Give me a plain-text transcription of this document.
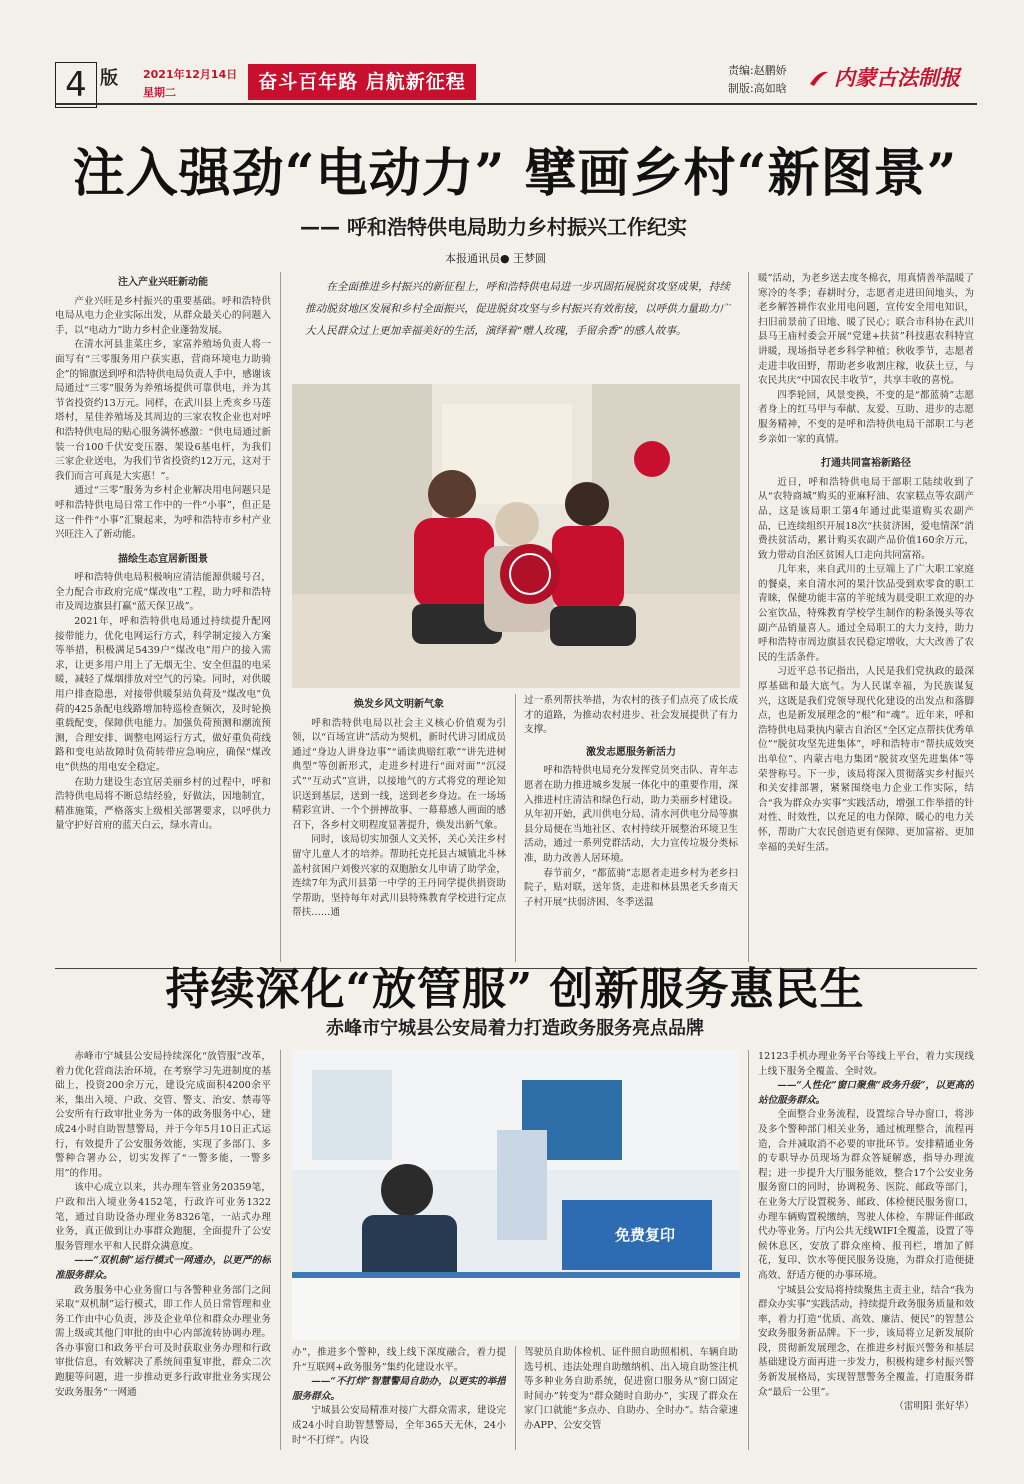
4 版	2021年12月14日
星期二	奋斗百年路 启航新征程
责编:赵鹏娇
制版:高如晗	内蒙古法制报
注入强劲“电动力” 擘画乡村“新图景”
—— 呼和浩特供电局助力乡村振兴工作纪实
本报通讯员● 王梦圆
注入产业兴旺新动能

产业兴旺是乡村振兴的重要基础。呼和浩特供电局从电力企业实际出发，从群众最关心的问题入手，以“电动力”助力乡村企业蓬勃发展。

在清水河县韭菜庄乡，家富养殖场负责人将一面写有“三零服务用户获实惠，营商环境电力助骑企”的锦旗送到呼和浩特供电局负责人手中，感谢该局通过“三零”服务为养殖场提供可靠供电，并为其节省投资约13万元。同样，在武川县上秃亥乡马莲塔村，星佳养殖场及其周边的三家农牧企业也对呼和浩特供电局的贴心服务满怀感激：“供电局通过新装一台100千伏安变压器、架设6基电杆，为我们三家企业送电，为我们节省投资约12万元，这对于我们而言可真是大实惠！”。

通过“三零”服务为乡村企业解决用电问题只是呼和浩特供电局日常工作中的一件“小事”，但正是这一件件“小事”汇聚起来，为呼和浩特市乡村产业兴旺注入了新动能。

描绘生态宜居新图景

呼和浩特供电局积极响应清洁能源供暖号召，全力配合市政府完成“煤改电”工程，助力呼和浩特市及周边旗县打赢“蓝天保卫战”。

2021年，呼和浩特供电局通过持续提升配网接带能力，优化电网运行方式，科学制定接入方案等举措，积极满足5439户“煤改电”用户的接入需求，让更多用户用上了无烟无尘、安全但温的电采暖，减轻了煤烟排放对空气的污染。同时，对供暖用户排查隐患，对接带供暖泵站负荷及“煤改电”负荷的425条配电线路增加特巡检查频次，及时轮换重载配变，保障供电能力。加强负荷预测和潮流预测，合理安排、调整电网运行方式，做好重负荷线路和变电站故障时负荷转带应急响应，确保“煤改电”供热的用电安全稳定。

在助力建设生态宜居美丽乡村的过程中，呼和浩特供电局将不断总结经验，好做法，因地制宜，精准施策，严格落实上级相关部署要求，以呼供力量守护好首府的蓝天白云，绿水青山。

在全面推进乡村振兴的新征程上，呼和浩特供电局进一步巩固拓展脱贫攻坚成果，持续推动脱贫地区发展和乡村全面振兴，促进脱贫攻坚与乡村振兴有效衔接，以呼供力量助力广大人民群众过上更加幸福美好的生活，演绎着“赠人玫瑰，手留余香”的感人故事。
焕发乡风文明新气象

呼和浩特供电局以社会主义核心价值观为引领，以“百场宣讲”活动为契机，新时代讲习团成员通过“身边人讲身边事”“诵读典赔红歌”“讲先进树典型”等创新形式，走进乡村进行“面对面”“沉浸式”“互动式”宣讲，以接地气的方式将党的理论知识送到基层，送到一线，送到老乡身边。在一场场精彩宣讲、一个个拼搏故事、一幕幕感人画面的感召下，各乡村文明程度显著提升，焕发出新气象。

同时，该局切实加强人文关怀，关心关注乡村留守儿童人才的培养。帮助托克托县古城镇北斗林盖村贫困户刘俊兴家的双胞胎女儿申请了助学金，连续7年为武川县第一中学的王丹同学提供捐资助学帮助，坚持每年对武川县特殊教育学校进行定点帮扶……通

过一系列帮扶举措，为农村的孩子们点亮了成长成才的道路，为推动农村进步、社会发展提供了有力支撑。

激发志愿服务新活力

呼和浩特供电局充分发挥党员突击队、青年志愿者在助力推进城乡发展一体化中的重要作用，深入推进村庄清洁和绿色行动，助力美丽乡村建设。从年初开始，武川供电分局、清水河供电分局等旗县分局便在当地社区、农村持续开展整治环境卫生活动，通过一系列党群活动，大力宣传垃圾分类标准，助力改善人居环境。

春节前夕，“都蓝骑”志愿者走进乡村为老乡扫院子，贴对联，送年货，走进和林县黑老夭乡南天子村开展“扶弱济困、冬季送温

暖”活动，为老乡送去度冬棉衣，用真情善举温暖了寒冷的冬季；春耕时分，志愿者走进田间地头，为老乡解答耕作农业用电问题，宣传安全用电知识，扫旧前景前了田地、暖了民心；联合市科协在武川县马王庙村委会开展“党建+扶贫”科技惠农科特宣讲暖，现场指导老乡科学种植；秋收季节，志愿者走进丰收田野，帮助老乡收割庄稼，收获土豆，与农民共庆“中国农民丰收节”，共享丰收的喜悦。

四季轮回，风景变换，不变的是“都蓝骑”志愿者身上的红马甲与奉献、友爱、互助、进步的志愿服务精神，不变的是呼和浩特供电局干部职工与老乡亲如一家的真情。

打通共同富裕新路径

近日，呼和浩特供电局干部职工陆续收到了从“农特商城”购买的亚麻籽油、农家糕点等农副产品，这是该局职工第4年通过此渠道购买农副产品，已连续组织开展18次“扶贫济困，爱电情深”消费扶贫活动，累计购买农副产品价值160余万元，致力带动自治区贫困人口走向共同富裕。

几年来，来自武川的土豆端上了广大职工家庭的餐桌，来自清水河的果汁饮品受到欢零食的职工青睐，保健功能丰富的羊驼绒为晨受职工欢迎的办公室饮品，特殊教育学校学生制作的粉条馒头等农副产品销量喜人。通过全局职工的大力支持，助力呼和浩特市周边旗县农民稳定增收，大大改善了农民的生活条件。

习近平总书记指出，人民是我们党执政的最深厚基础和最大底气。为人民谋幸福，为民族谋复兴，这既是我们党领导现代化建设的出发点和落脚点，也是新发展理念的“根”和“魂”。近年来，呼和浩特供电局秉执内蒙古自治区“全区定点帮扶优秀单位”“脱贫攻坚先进集体”，呼和浩特市“帮扶成效突出单位”、内蒙古电力集团“脱贫攻坚先进集体”等荣誉称号。下一步，该局将深入贯彻落实乡村振兴和关安排部署，紧紧围绕电力企业工作实际，结合“我为群众办实事”实践活动，增强工作举措的针对性、时效性，以充足的电力保障、暖心的电力关怀，帮助广大农民创造更有保障、更加富裕、更加幸福的美好生活。

持续深化“放管服” 创新服务惠民生
赤峰市宁城县公安局着力打造政务服务亮点品牌

赤峰市宁城县公安局持续深化“放管服”改革，着力优化营商法治环境，在考察学习先进制度的基础上，投资200余万元，建设完成面积4200余平米，集出入境、户政、交管、警支、治安、禁毒等公安所有行政审批业务为一体的政务服务中心，建成24小时自助智慧警局，并于今年5月10日正式运行，有效提升了公安服务效能，实现了多部门、多警种合署办公，切实发挥了“一警多能，一警多用”的作用。

该中心成立以来，共办理车管业务20359笔，户政和出入境业务4152笔，行政许可业务1322笔，通过自助设备办理业务8326笔，一站式办理业务，真正做到让办事群众跑腿，全面提升了公安服务管理水平和人民群众满意度。

——“双机制”运行模式一网通办，以更严的标准服务群众。

政务服务中心业务窗口与各警种业务部门之间采取“双机制”运行模式，即工作人员日常管理和业务工作由中心负责，涉及企业单位和群众办理业务需上级或其他门审批的由中心内部流转协调办理。各办事窗口和政务平台可及时获取业务办理和行政审批信息，有效解决了系统间重复审批，群众二次跑腿等问题，进一步推动更多行政审批业务实现公安政务服务“一网通

免费复印

办”，推进多个警种，线上线下深度融合，着力提升“互联网+政务服务”集约化建设水平。

——“不打烊”智慧警局自助办，以更实的举措服务群众。

宁城县公安局精准对接广大群众需求，建设完成24小时自助智慧警局，全年365天无休，24小时“不打烊”。内设

驾驶员自助体检机、证件照自助照相机、车辆自助选号机、违法处理自助缴纳机、出入境自助签注机等多种业务自助系统，促进窗口服务从“窗口固定时间办”转变为“群众随时自助办”，实现了群众在家门口就能“多点办、自助办、全时办”。结合蒙速办APP、公安交管

12123手机办理业务平台等线上平台，着力实现线上线下服务全覆盖、全时效。

——“人性化”窗口聚焦“政务升级”，以更高的站位服务群众。

全面整合业务流程，设置综合导办窗口，将涉及多个警种部门相关业务，通过梳理整合，流程再造，合并减取消不必要的审批环节。安排精通业务的专职导办员现场为群众答疑解惑，指导办理流程；进一步提升大厅服务能效，整合17个公安业务服务窗口的同时，协调税务、医院、邮政等部门，在业务大厅设置税务、邮政、体检便民服务窗口，办理车辆购置税缴纳，驾驶人体检、车牌证件邮政代办等业务。厅内公共无线WIFI全覆盖，设置了等候休息区，安放了群众座椅、报刊栏，增加了鲜花，复印、饮水等便民服务设施，为群众打造便捷高效、舒适方便的办事环境。

宁城县公安局将持续聚焦主责主业，结合“我为群众办实事”实践活动，持续提升政务服务质量和效率，着力打造“优质、高效、廉洁、便民”的智慧公安政务服务新品牌。下一步，该局将立足新发展阶段，贯彻新发展理念，在推进乡村振兴警务和基层基础建设方面再进一步发力，积极构建乡村振兴警务新发展格局，实现智慧警务全覆盖，打造服务群众“最后一公里”。

（雷明阳 张好华）
